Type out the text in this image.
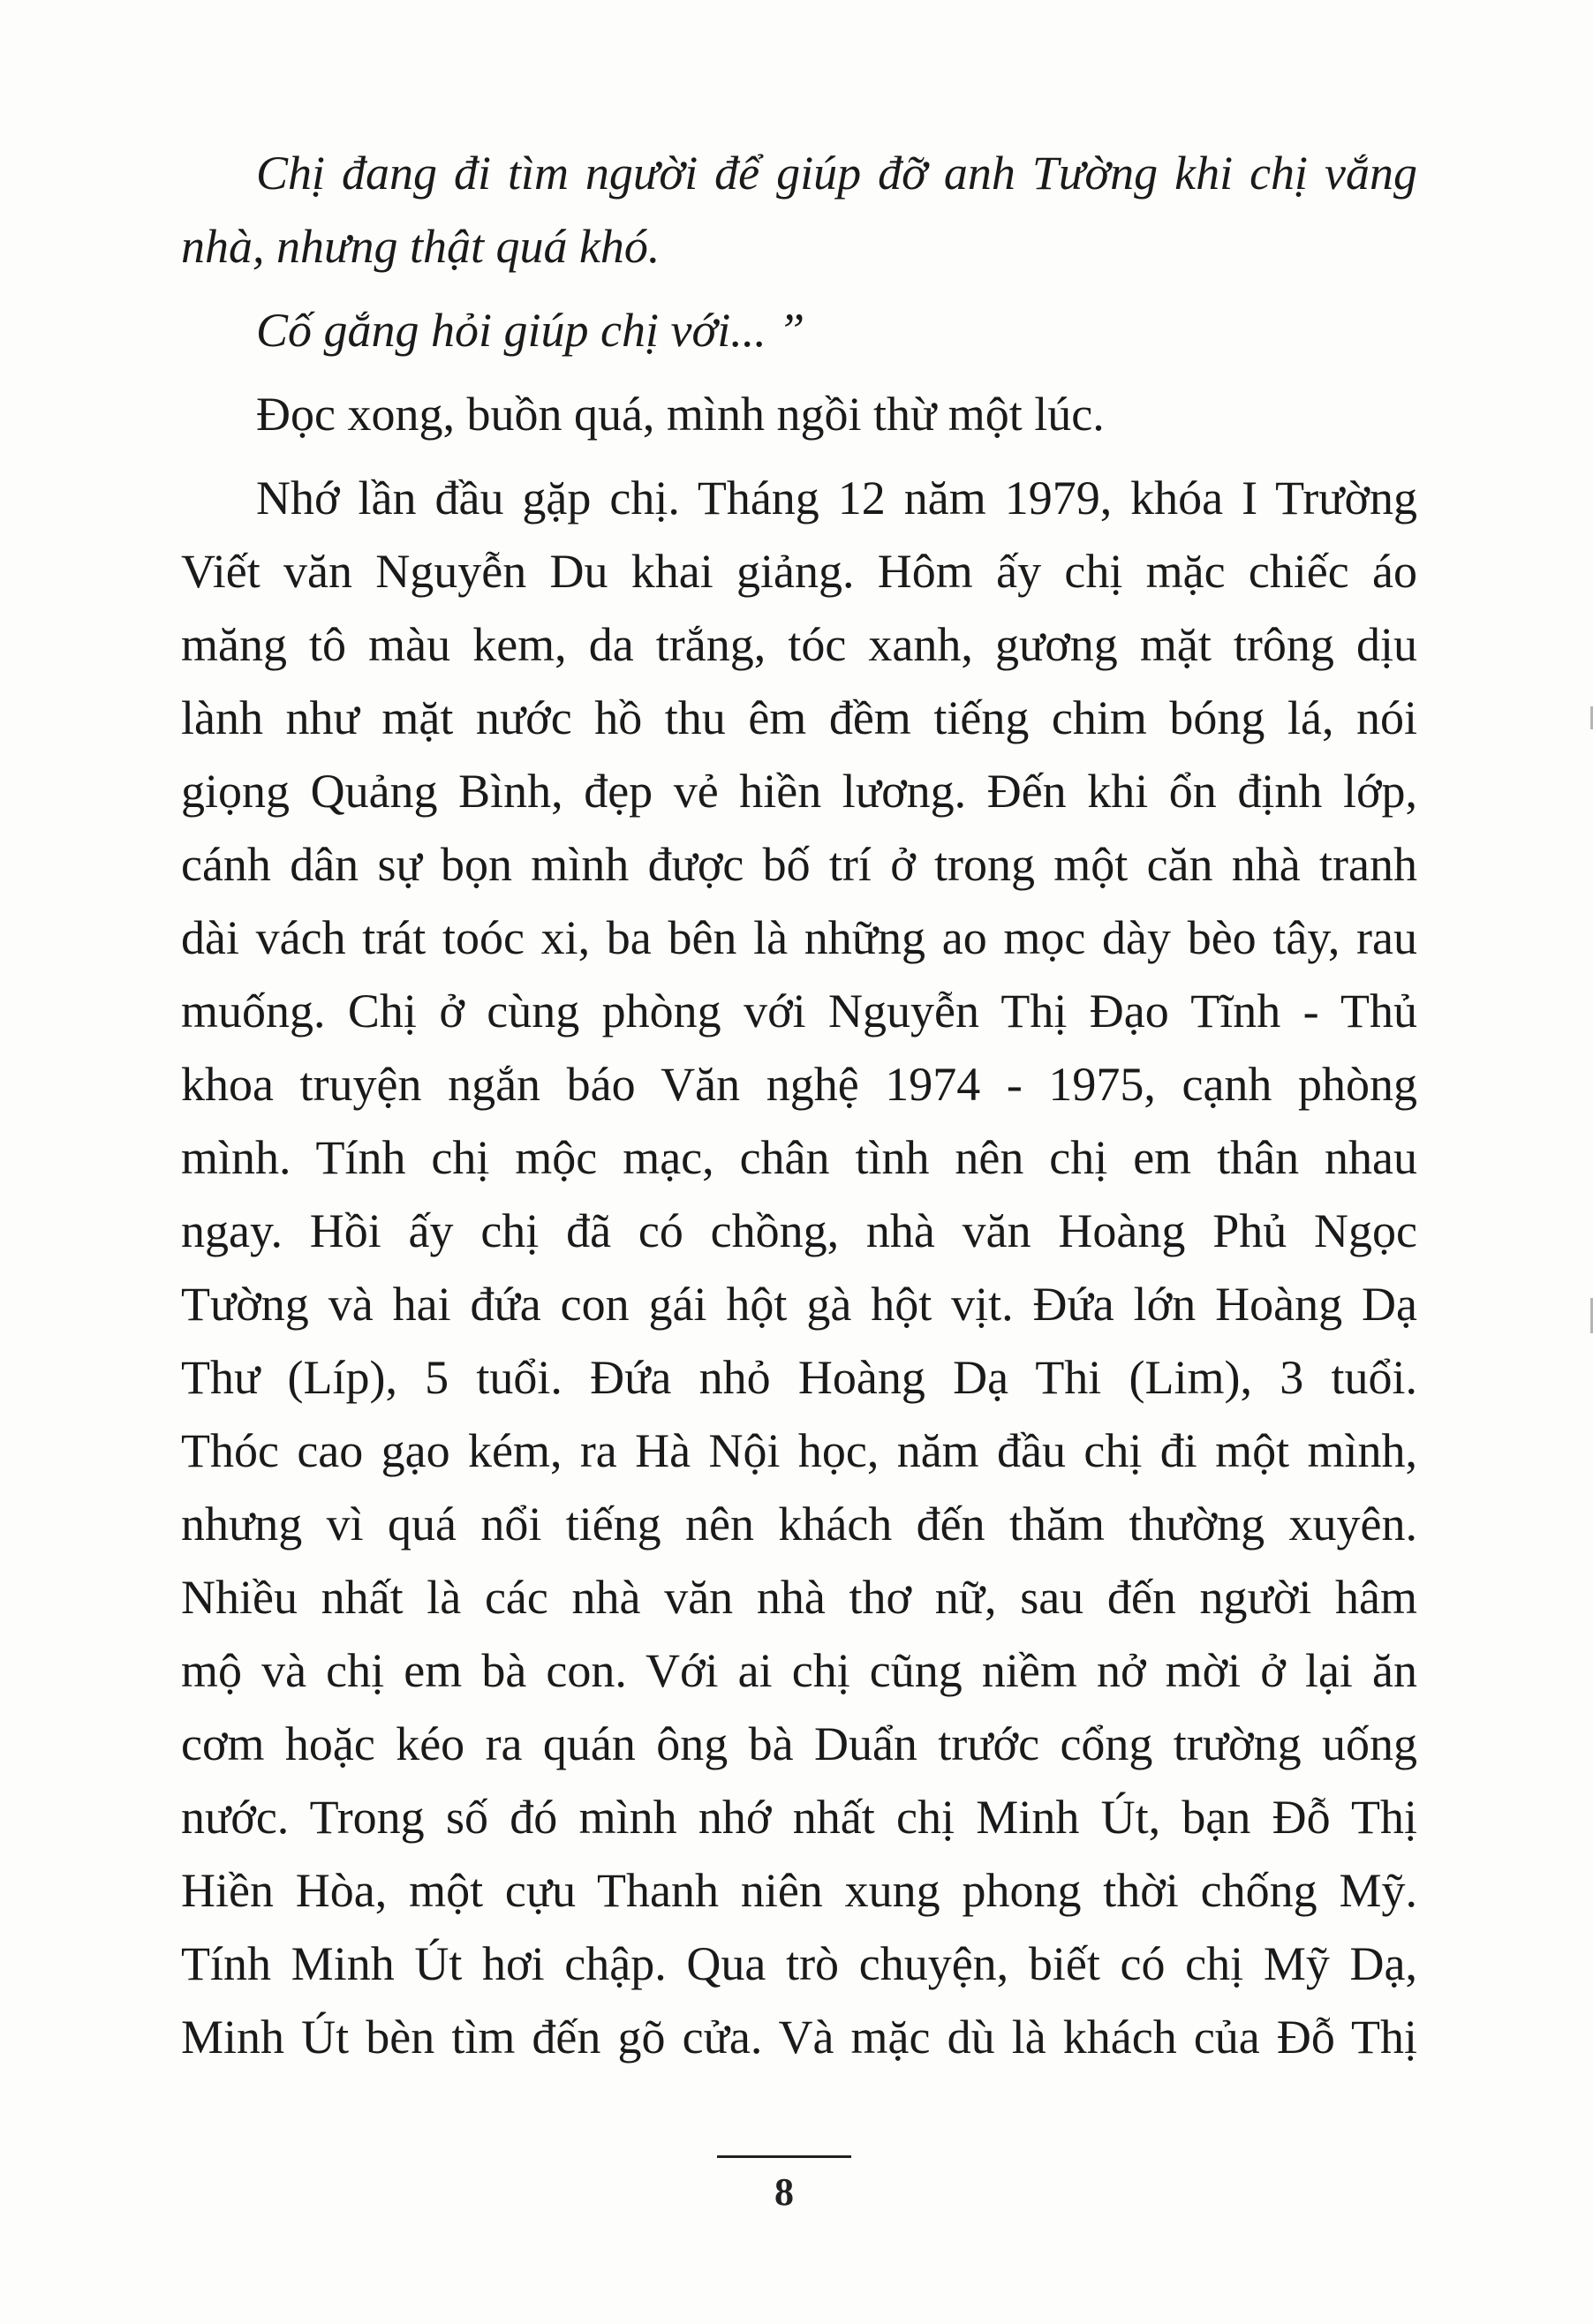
Chị đang đi tìm người để giúp đỡ anh Tường khi chị vắng
nhà, nhưng thật quá khó.
Cố gắng hỏi giúp chị với... ”
Đọc xong, buồn quá, mình ngồi thừ một lúc.
Nhớ lần đầu gặp chị. Tháng 12 năm 1979, khóa I Trường
Viết văn Nguyễn Du khai giảng. Hôm ấy chị mặc chiếc áo
măng tô màu kem, da trắng, tóc xanh, gương mặt trông dịu
lành như mặt nước hồ thu êm đềm tiếng chim bóng lá, nói
giọng Quảng Bình, đẹp vẻ hiền lương. Đến khi ổn định lớp,
cánh dân sự bọn mình được bố trí ở trong một căn nhà tranh
dài vách trát toóc xi, ba bên là những ao mọc dày bèo tây, rau
muống. Chị ở cùng phòng với Nguyễn Thị Đạo Tĩnh - Thủ
khoa truyện ngắn báo Văn nghệ 1974 - 1975, cạnh phòng
mình. Tính chị mộc mạc, chân tình nên chị em thân nhau
ngay. Hồi ấy chị đã có chồng, nhà văn Hoàng Phủ Ngọc
Tường và hai đứa con gái hột gà hột vịt. Đứa lớn Hoàng Dạ
Thư (Líp), 5 tuổi. Đứa nhỏ Hoàng Dạ Thi (Lim), 3 tuổi.
Thóc cao gạo kém, ra Hà Nội học, năm đầu chị đi một mình,
nhưng vì quá nổi tiếng nên khách đến thăm thường xuyên.
Nhiều nhất là các nhà văn nhà thơ nữ, sau đến người hâm
mộ và chị em bà con. Với ai chị cũng niềm nở mời ở lại ăn
cơm hoặc kéo ra quán ông bà Duẩn trước cổng trường uống
nước. Trong số đó mình nhớ nhất chị Minh Út, bạn Đỗ Thị
Hiền Hòa, một cựu Thanh niên xung phong thời chống Mỹ.
Tính Minh Út hơi chập. Qua trò chuyện, biết có chị Mỹ Dạ,
Minh Út bèn tìm đến gõ cửa. Và mặc dù là khách của Đỗ Thị
8
